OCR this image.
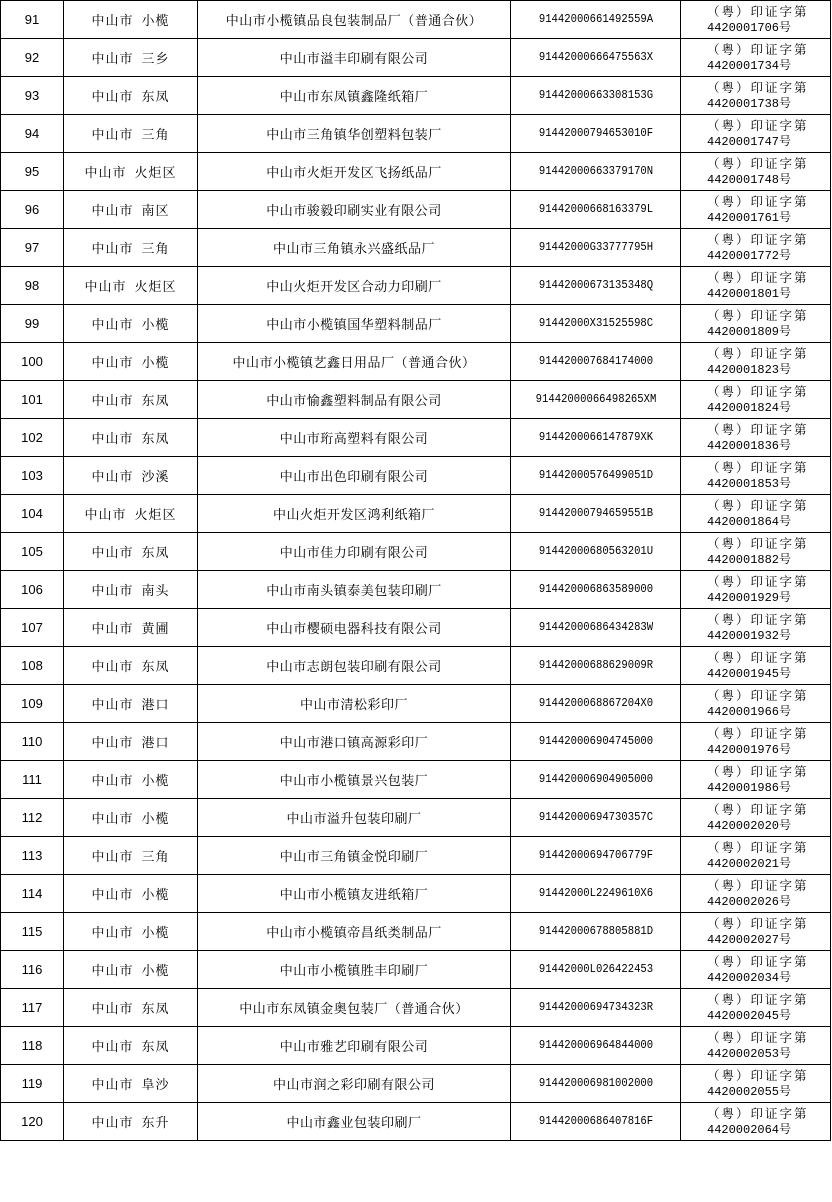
91	中山市 小榄	中山市小榄镇品良包装制品厂（普通合伙）	91442000661492559A	（粤）印证字第
4420001706号

92	中山市 三乡	中山市溢丰印刷有限公司	91442000666475563X	（粤）印证字第
4420001734号

93	中山市 东凤	中山市东凤镇鑫隆纸箱厂	91442000663308153G	（粤）印证字第
4420001738号

94	中山市 三角	中山市三角镇华创塑料包装厂	91442000794653010F	（粤）印证字第
4420001747号

95	中山市 火炬区	中山市火炬开发区飞扬纸品厂	91442000663379170N	（粤）印证字第
4420001748号

96	中山市 南区	中山市骏毅印刷实业有限公司	91442000668163379L	（粤）印证字第
4420001761号

97	中山市 三角	中山市三角镇永兴盛纸品厂	91442000G33777795H	（粤）印证字第
4420001772号

98	中山市 火炬区	中山火炬开发区合动力印刷厂	91442000673135348Q	（粤）印证字第
4420001801号

99	中山市 小榄	中山市小榄镇国华塑料制品厂	91442000X31525598C	（粤）印证字第
4420001809号

100	中山市 小榄	中山市小榄镇艺鑫日用品厂（普通合伙）	914420007684174000	（粤）印证字第
4420001823号

101	中山市 东凤	中山市愉鑫塑料制品有限公司	91442000066498265XM	（粤）印证字第
4420001824号

102	中山市 东凤	中山市珩高塑料有限公司	9144200066147879XK	（粤）印证字第
4420001836号

103	中山市 沙溪	中山市出色印刷有限公司	91442000576499051D	（粤）印证字第
4420001853号

104	中山市 火炬区	中山火炬开发区鸿利纸箱厂	91442000794659551B	（粤）印证字第
4420001864号

105	中山市 东凤	中山市佳力印刷有限公司	91442000680563201U	（粤）印证字第
4420001882号

106	中山市 南头	中山市南头镇泰美包装印刷厂	914420006863589000	（粤）印证字第
4420001929号

107	中山市 黄圃	中山市樱硕电器科技有限公司	91442000686434283W	（粤）印证字第
4420001932号

108	中山市 东凤	中山市志朗包装印刷有限公司	91442000688629009R	（粤）印证字第
4420001945号

109	中山市 港口	中山市清松彩印厂	9144200068867204X0	（粤）印证字第
4420001966号

110	中山市 港口	中山市港口镇高源彩印厂	914420006904745000	（粤）印证字第
4420001976号

111	中山市 小榄	中山市小榄镇景兴包装厂	914420006904905000	（粤）印证字第
4420001986号

112	中山市 小榄	中山市溢升包装印刷厂	91442000694730357C	（粤）印证字第
4420002020号

113	中山市 三角	中山市三角镇金悦印刷厂	91442000694706779F	（粤）印证字第
4420002021号

114	中山市 小榄	中山市小榄镇友进纸箱厂	91442000L2249610X6	（粤）印证字第
4420002026号

115	中山市 小榄	中山市小榄镇帝昌纸类制品厂	91442000678805881D	（粤）印证字第
4420002027号

116	中山市 小榄	中山市小榄镇胜丰印刷厂	91442000L026422453	（粤）印证字第
4420002034号

117	中山市 东凤	中山市东凤镇金奥包装厂（普通合伙）	91442000694734323R	（粤）印证字第
4420002045号

118	中山市 东凤	中山市雅艺印刷有限公司	914420006964844000	（粤）印证字第
4420002053号

119	中山市 阜沙	中山市润之彩印刷有限公司	914420006981002000	（粤）印证字第
4420002055号

120	中山市 东升	中山市鑫业包装印刷厂	91442000686407816F	（粤）印证字第
4420002064号
